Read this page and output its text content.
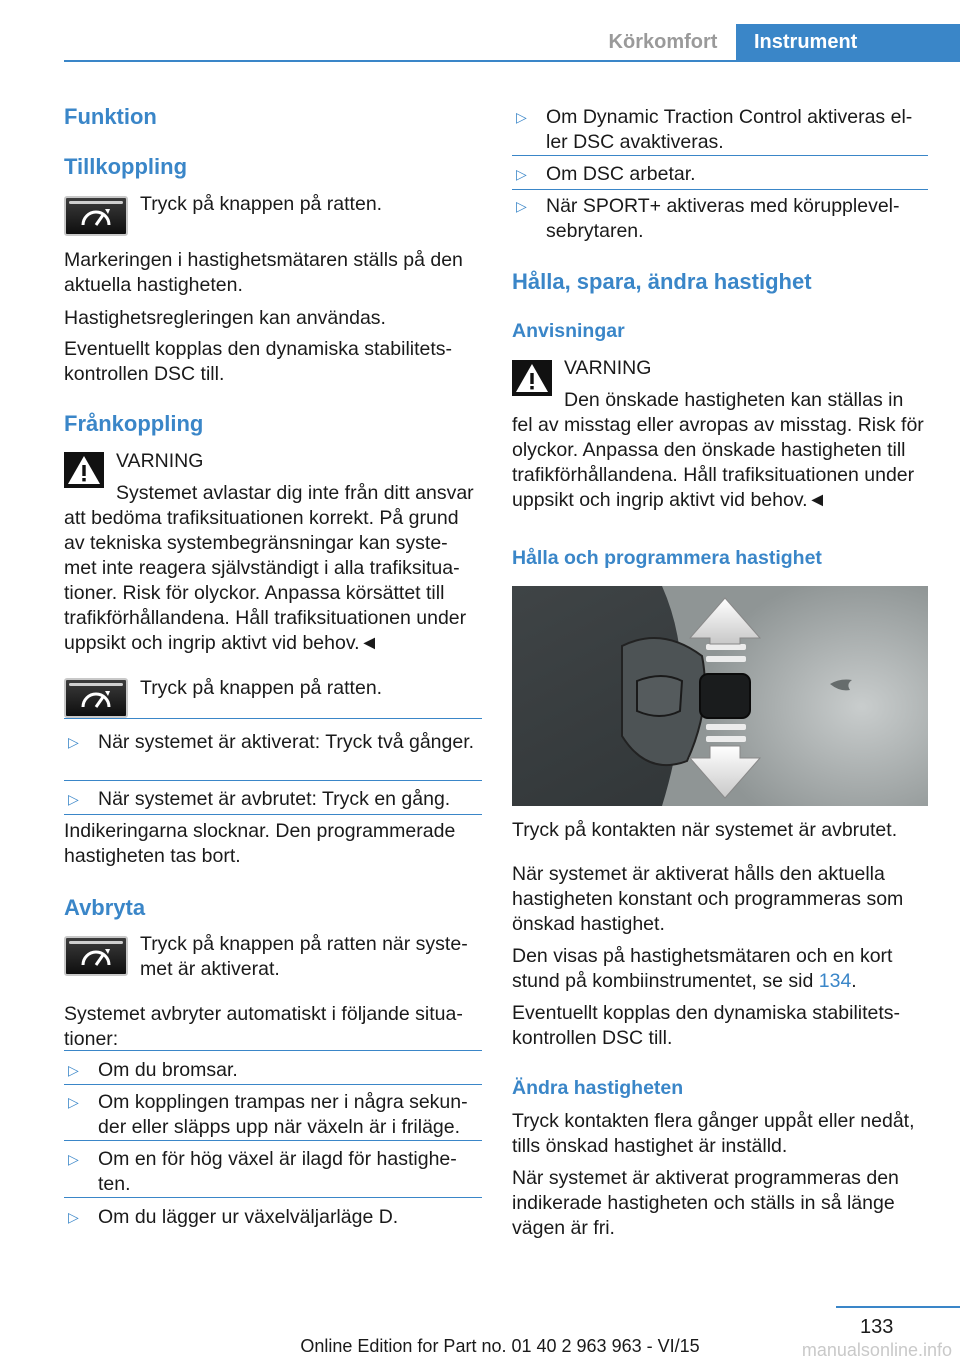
Körkomfort	Instrument
Funktion
Tillkoppling
Tryck på knappen på ratten.
Markeringen i hastighetsmätaren ställs på den aktuella hastigheten.
Hastighetsregleringen kan användas.
Eventuellt kopplas den dynamiska stabilitets- kontrollen DSC till.
Frånkoppling
VARNING
Systemet avlastar dig inte från ditt ansvar att bedöma trafiksituationen korrekt. På grund av tekniska systembegränsningar kan syste- met inte reagera självständigt i alla trafiksitua- tioner. Risk för olyckor. Anpassa körsättet till trafikförhållandena. Håll trafiksituationen under uppsikt och ingrip aktivt vid behov.◄
Tryck på knappen på ratten.
▷ När systemet är aktiverat: Tryck två gånger.
▷ När systemet är avbrutet: Tryck en gång.
Indikeringarna slocknar. Den programmerade hastigheten tas bort.
Avbryta
Tryck på knappen på ratten när syste- met är aktiverat.
Systemet avbryter automatiskt i följande situa- tioner:
▷ Om du bromsar.
▷ Om kopplingen trampas ner i några sekun- der eller släpps upp när växeln är i friläge.
▷ Om en för hög växel är ilagd för hastighe- ten.
▷ Om du lägger ur växelväljarläge D.
▷ Om Dynamic Traction Control aktiveras el- ler DSC avaktiveras.
▷ Om DSC arbetar.
▷ När SPORT+ aktiveras med körupplevel- sebrytaren.
Hålla, spara, ändra hastighet
Anvisningar
VARNING
Den önskade hastigheten kan ställas in fel av misstag eller avropas av misstag. Risk för olyckor. Anpassa den önskade hastigheten till trafikförhållandena. Håll trafiksituationen under uppsikt och ingrip aktivt vid behov.◄
Hålla och programmera hastighet
Tryck på kontakten när systemet är avbrutet.
När systemet är aktiverat hålls den aktuella hastigheten konstant och programmeras som önskad hastighet.
Den visas på hastighetsmätaren och en kort stund på kombiinstrumentet, se sid 134.
Eventuellt kopplas den dynamiska stabilitets- kontrollen DSC till.
Ändra hastigheten
Tryck kontakten flera gånger uppåt eller nedåt, tills önskad hastighet är inställd.
När systemet är aktiverat programmeras den indikerade hastigheten och ställs in så länge vägen är fri.
133
Online Edition for Part no. 01 40 2 963 963 - VI/15	manualsonline.info
